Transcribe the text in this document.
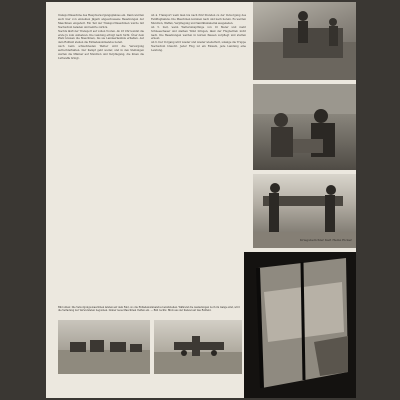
transportmaschine des Hauptversorgungsplatzes ein. Dann wurden auch hier von einzelnen Jägern abgeschossene Besatzungen der Maschinen eingeholt. Ein Teil der Transportmaschinen wurde mit Nachschub beladen und kehrte zurück.

Nachts läuft der Transport auf vollen Touren. Ab 23 Uhr kommt die erste Ju zum Aufsetzen. Die Landung erfolgt nach Sicht. Über dem Platz kreisen die Maschinen, bis sie Landeerlaubnis erhalten. Auf dem Rollfeld stehen die Entladekommandos bereit.

Auch beim schlechtesten Wetter wird die Versorgung aufrechterhalten. Der Kampf geht weiter, und in den Stellungen warten die Männer auf Munition und Verpflegung, die ihnen die Luftwaffe bringt.

Ab 4. Transport weiß man bis nach fünf Stunden zu der Versorgung des Feldflughafens. Die Maschinen kommen nach und nach herein. Es werden Munition, Waffen, Verpflegung und Sanitätsmaterial ausgeladen.

Ab 5. Zeit, wenn Wetterumsprünge von 10 Meter und mehr Schneeschauer und starken Wind bringen, lässt der Flugbetrieb nicht nach. Die Besatzungen werden in kurzen Pausen verpflegt und starten erneut.

Ab 6. Der Vorgang wird wieder und wieder wiederholt, solange die Truppe Nachschub braucht. Jeder Flug ist ein Einsatz, jede Landung eine Leistung.

Kriegsberichter Karl Heinz Eicker
Bild unten: Die Versorgungs-maschinen landen auf dem Feld, wo die Entladekommandos bereitstehen. Während die Ausladungen noch im Gange sind, wird die Verladung der Verwundeten begonnen. Immer neue Maschinen treffen ein. — Bild rechts: Blick aus der Kanzel auf das Rollfeld.
